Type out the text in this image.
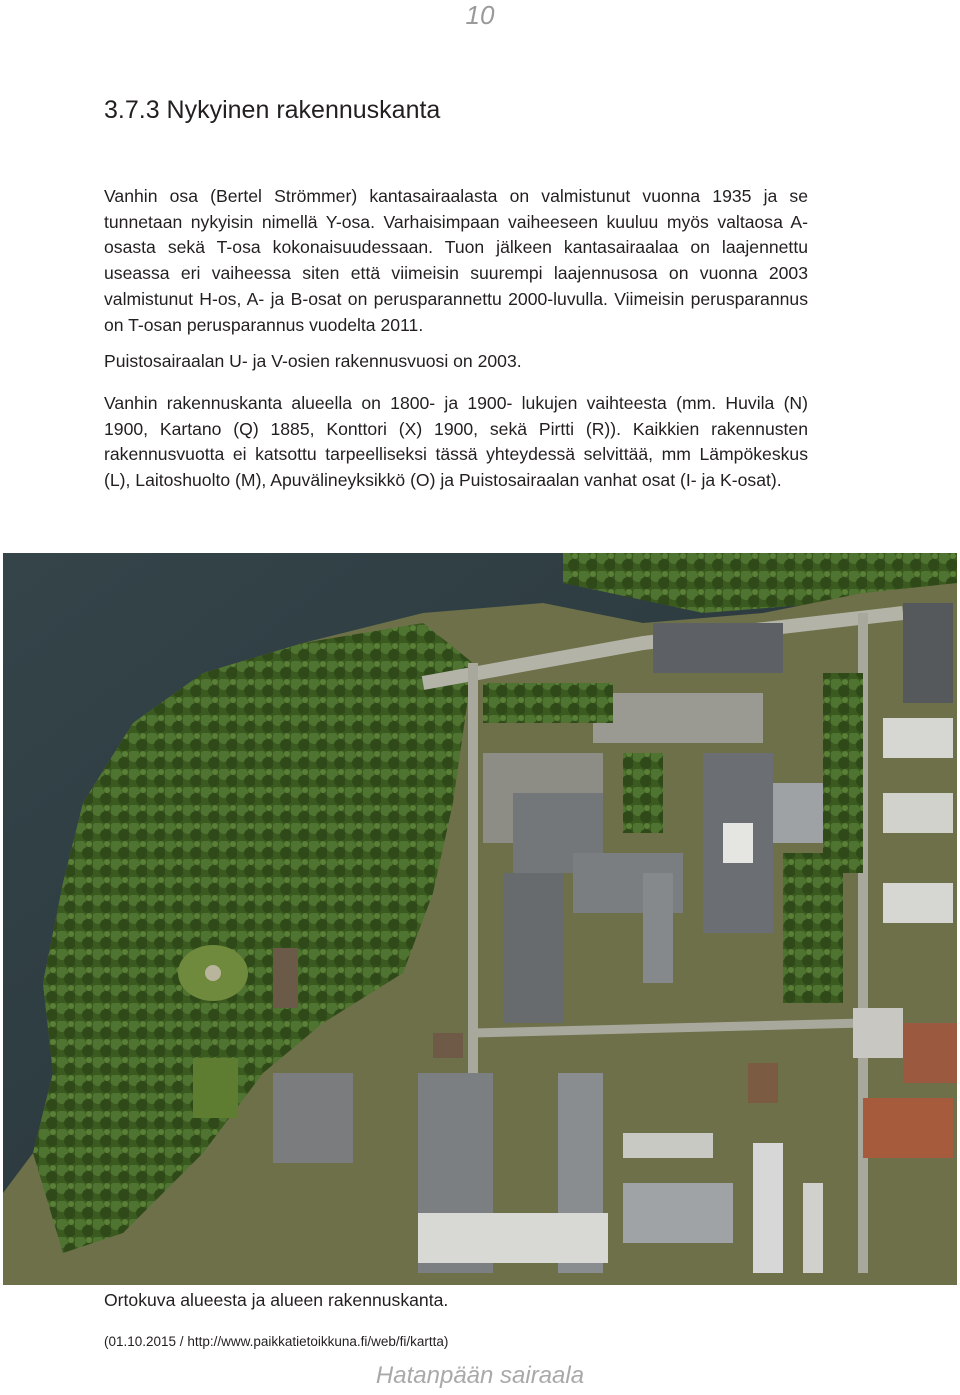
10
3.7.3 Nykyinen rakennuskanta

Vanhin osa (Bertel Strömmer) kantasairaalasta on valmistunut vuonna 1935 ja se tunnetaan nykyisin nimellä Y-osa. Varhaisimpaan vaiheeseen kuuluu myös valtaosa A-osasta sekä T-osa kokonaisuudessaan. Tuon jälkeen kantasairaalaa on laajennettu useassa eri vaiheessa siten että viimeisin suurempi laajennusosa on vuonna 2003 valmistunut H-os, A- ja B-osat on perusparannettu 2000-luvulla. Viimeisin perusparannus on T-osan perusparannus vuodelta 2011.

Puistosairaalan U- ja V-osien rakennusvuosi on 2003.

Vanhin rakennuskanta alueella on 1800- ja 1900- lukujen vaihteesta (mm. Huvila (N) 1900, Kartano (Q) 1885, Konttori (X) 1900, sekä Pirtti (R)). Kaikkien rakennusten rakennusvuotta ei katsottu tarpeelliseksi tässä yhteydessä selvittää, mm Lämpökeskus (L), Laitoshuolto (M), Apuvälineyksikkö (O) ja Puistosairaalan vanhat osat (I- ja K-osat).

Ortokuva alueesta ja alueen rakennuskanta.
(01.10.2015 / http://www.paikkatietoikkuna.fi/web/fi/kartta)
Hatanpään sairaala
